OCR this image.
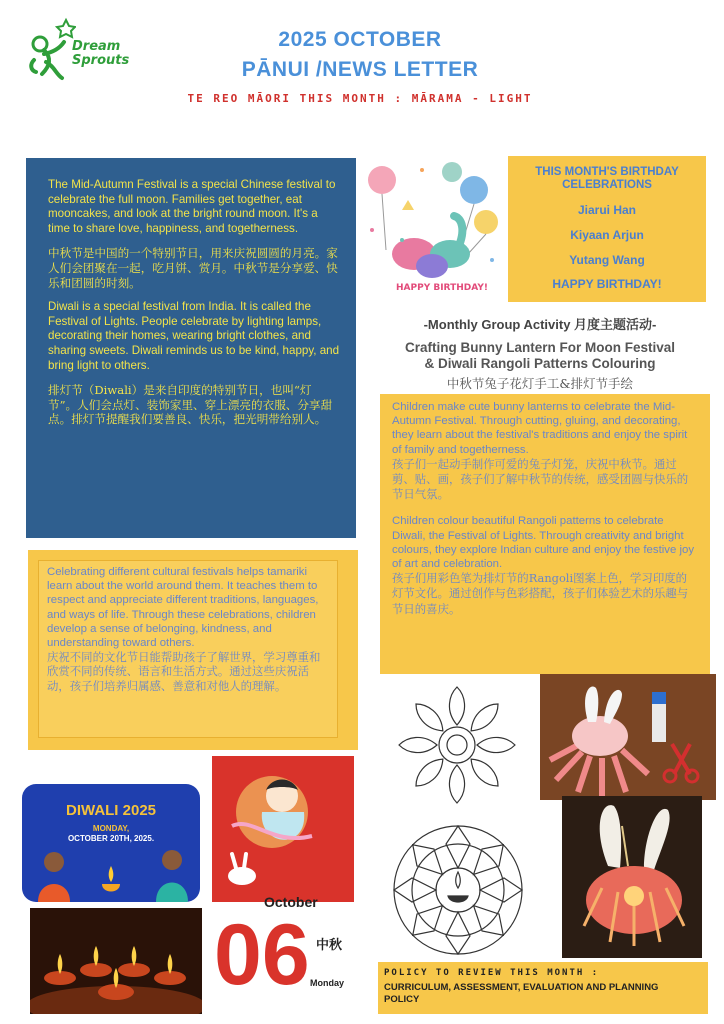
Dream Sprouts
2025 OCTOBER
PĀNUI /NEWS LETTER
TE REO MĀORI THIS MONTH : MĀRAMA - LIGHT

The Mid-Autumn Festival is a special Chinese festival to celebrate the full moon. Families get together, eat mooncakes, and look at the bright round moon. It's a time to share love, happiness, and togetherness.

中秋节是中国的一个特别节日，用来庆祝圆圆的月亮。家人们会团聚在一起，吃月饼、赏月。中秋节是分享爱、快乐和团圆的时刻。

Diwali is a special festival from India. It is called the Festival of Lights. People celebrate by lighting lamps, decorating their homes, wearing bright clothes, and sharing sweets. Diwali reminds us to be kind, happy, and bring light to others.

排灯节（Diwali）是来自印度的特别节日，也叫“灯节”。人们会点灯、装饰家里、穿上漂亮的衣服、分享甜点。排灯节提醒我们要善良、快乐，把光明带给别人。

Celebrating different cultural festivals helps tamariki learn about the world around them. It teaches them to respect and appreciate different traditions, languages, and ways of life. Through these celebrations, children develop a sense of belonging, kindness, and understanding toward others.
庆祝不同的文化节日能帮助孩子了解世界，学习尊重和欣赏不同的传统、语言和生活方式。通过这些庆祝活动，孩子们培养归属感、善意和对他人的理解。
HAPPY BIRTHDAY!
THIS MONTH'S BIRTHDAY CELEBRATIONS
Jiarui Han
Kiyaan Arjun
Yutang Wang
HAPPY BIRTHDAY!
-Monthly Group Activity 月度主题活动-
Crafting Bunny Lantern For Moon Festival
& Diwali Rangoli Patterns Colouring
中秋节兔子花灯手工&排灯节手绘

Children make cute bunny lanterns to celebrate the Mid-Autumn Festival. Through cutting, gluing, and decorating, they learn about the festival's traditions and enjoy the spirit of family and togetherness.
孩子们一起动手制作可爱的兔子灯笼，庆祝中秋节。通过剪、贴、画，孩子们了解中秋节的传统，感受团圆与快乐的节日气氛。

Children colour beautiful Rangoli patterns to celebrate Diwali, the Festival of Lights. Through creativity and bright colours, they explore Indian culture and enjoy the festive joy of art and celebration.
孩子们用彩色笔为排灯节的Rangoli图案上色，学习印度的灯节文化。通过创作与色彩搭配，孩子们体验艺术的乐趣与节日的喜庆。

DIWALI 2025
MONDAY,
OCTOBER 20TH, 2025.
October
06 中秋
Monday
POLICY TO REVIEW THIS MONTH :
CURRICULUM, ASSESSMENT, EVALUATION AND PLANNING POLICY
